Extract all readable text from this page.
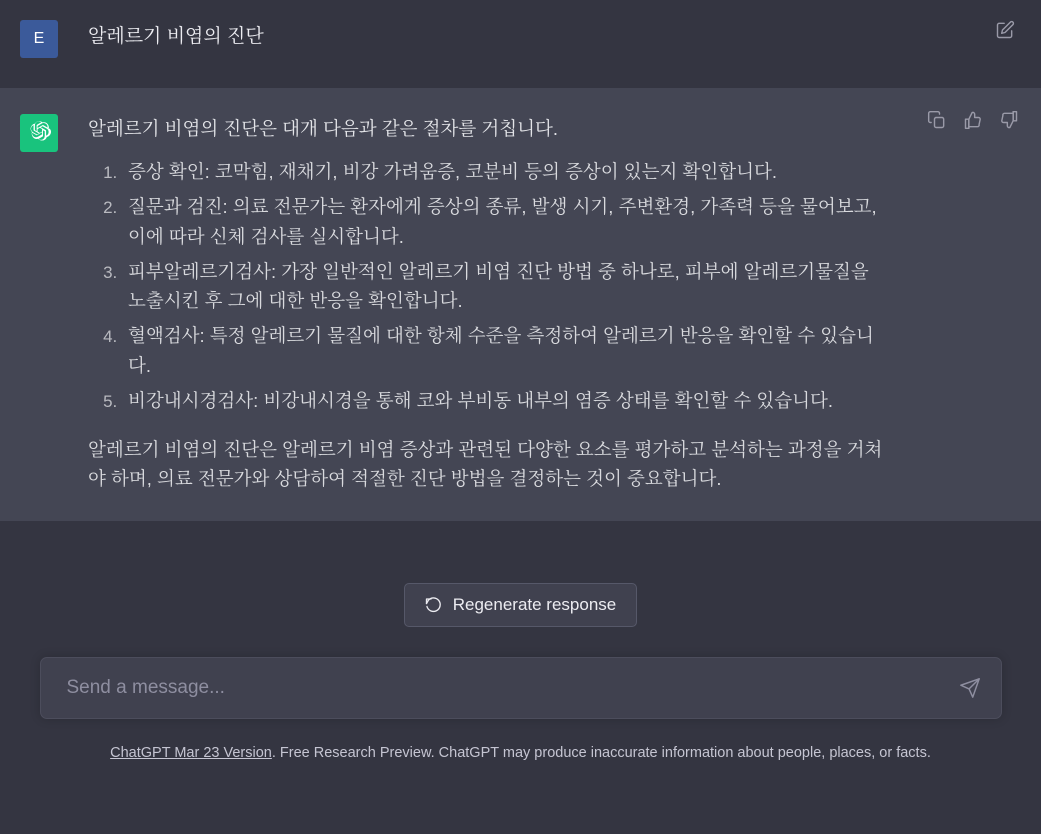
E	알레르기 비염의 진단

알레르기 비염의 진단은 대개 다음과 같은 절차를 거칩니다.

1. 증상 확인: 코막힘, 재채기, 비강 가려움증, 코분비 등의 증상이 있는지 확인합니다.
2. 질문과 검진: 의료 전문가는 환자에게 증상의 종류, 발생 시기, 주변환경, 가족력 등을 물어보고, 이에 따라 신체 검사를 실시합니다.
3. 피부알레르기검사: 가장 일반적인 알레르기 비염 진단 방법 중 하나로, 피부에 알레르기물질을 노출시킨 후 그에 대한 반응을 확인합니다.
4. 혈액검사: 특정 알레르기 물질에 대한 항체 수준을 측정하여 알레르기 반응을 확인할 수 있습니다.
5. 비강내시경검사: 비강내시경을 통해 코와 부비동 내부의 염증 상태를 확인할 수 있습니다.

알레르기 비염의 진단은 알레르기 비염 증상과 관련된 다양한 요소를 평가하고 분석하는 과정을 거쳐야 하며, 의료 전문가와 상담하여 적절한 진단 방법을 결정하는 것이 중요합니다.

Regenerate response
Send a message...
ChatGPT Mar 23 Version. Free Research Preview. ChatGPT may produce inaccurate information about people, places, or facts.
